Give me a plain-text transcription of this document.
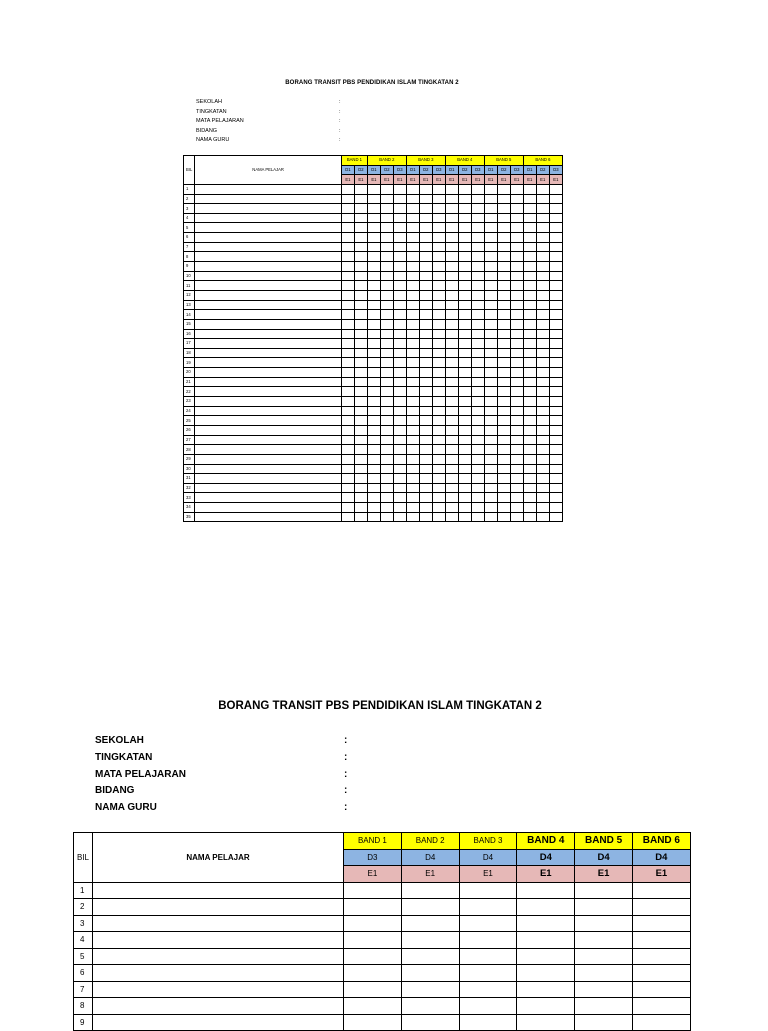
BORANG TRANSIT PBS PENDIDIKAN ISLAM TINGKATAN 2
SEKOLAH	:
TINGKATAN	:
MATA PELAJARAN	:
BIDANG	:
NAMA GURU	:
BIL	NAMA PELAJAR	BAND 1		BAND 2			BAND 3			BAND 4			BAND 5			BAND 6		
		D1	D2	D1	D2	D3	D1	D2	D3	D1	D2	D3	D1	D2	D3	D1	D2	D3
		E1	E1	E1	E1	E1	E1	E1	E1	E1	E1	E1	E1	E1	E1	E1	E1	E1
1																		
2																		
3																		
4																		
5																		
6																		
7																		
8																		
9																		
10																		
11																		
12																		
13																		
14																		
15																		
16																		
17																		
18																		
19																		
20																		
21																		
22																		
23																		
24																		
25																		
26																		
27																		
28																		
29																		
30																		
31																		
32																		
33																		
34																		
35																		
BORANG TRANSIT PBS PENDIDIKAN ISLAM TINGKATAN 2
SEKOLAH	:
TINGKATAN	:
MATA PELAJARAN	:
BIDANG	:
NAMA GURU	:
BIL	NAMA PELAJAR	BAND 1	BAND 2	BAND 3	BAND 4	BAND 5	BAND 6
		D3	D4	D4	D4	D4	D4
		E1	E1	E1	E1	E1	E1
1							
2							
3							
4							
5							
6							
7							
8							
9							
